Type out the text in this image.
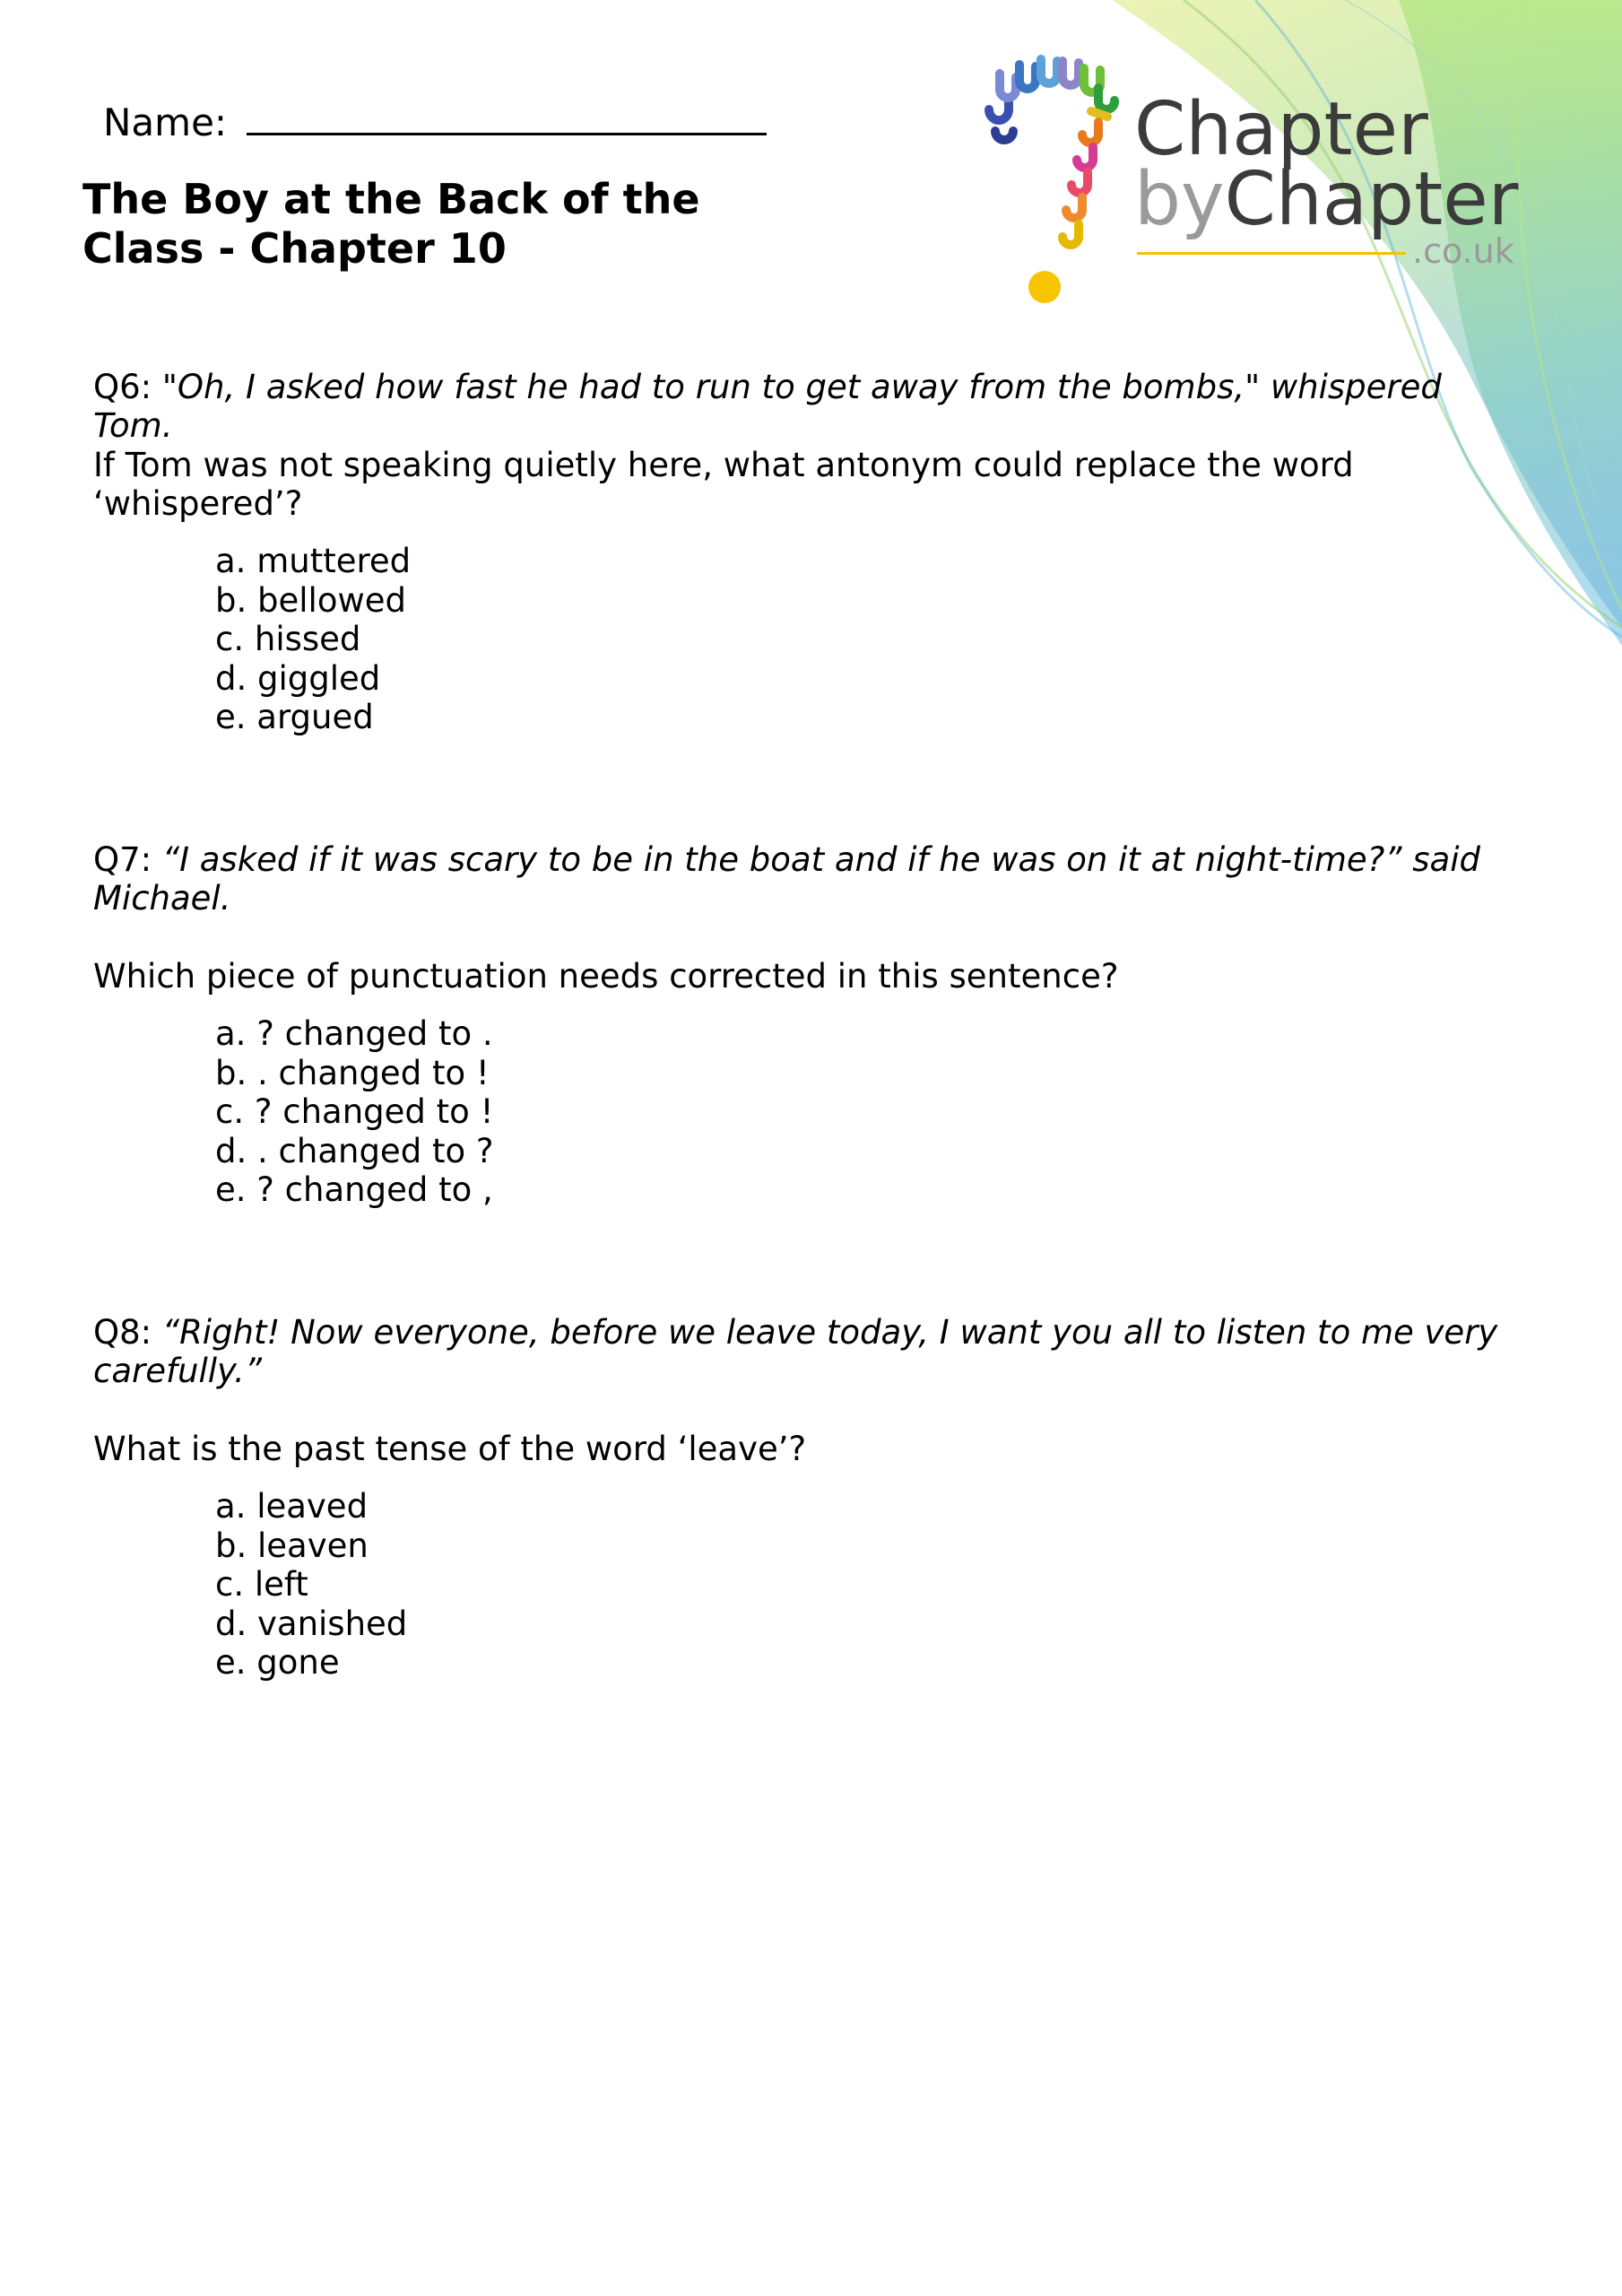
Name:
The Boy at the Back of the
Class - Chapter 10
Chapter
byChapter
.co.uk
Q6: "Oh, I asked how fast he had to run to get away from the bombs," whispered Tom.
If Tom was not speaking quietly here, what antonym could replace the word ‘whispered’?
a. muttered
b. bellowed
c. hissed
d. giggled
e. argued
Q7: “I asked if it was scary to be in the boat and if he was on it at night-time?” said Michael.
Which piece of punctuation needs corrected in this sentence?
a. ? changed to .
b. . changed to !
c. ? changed to !
d. . changed to ?
e. ? changed to ,
Q8: “Right! Now everyone, before we leave today, I want you all to listen to me very carefully.”
What is the past tense of the word ‘leave’?
a. leaved
b. leaven
c. left
d. vanished
e. gone
